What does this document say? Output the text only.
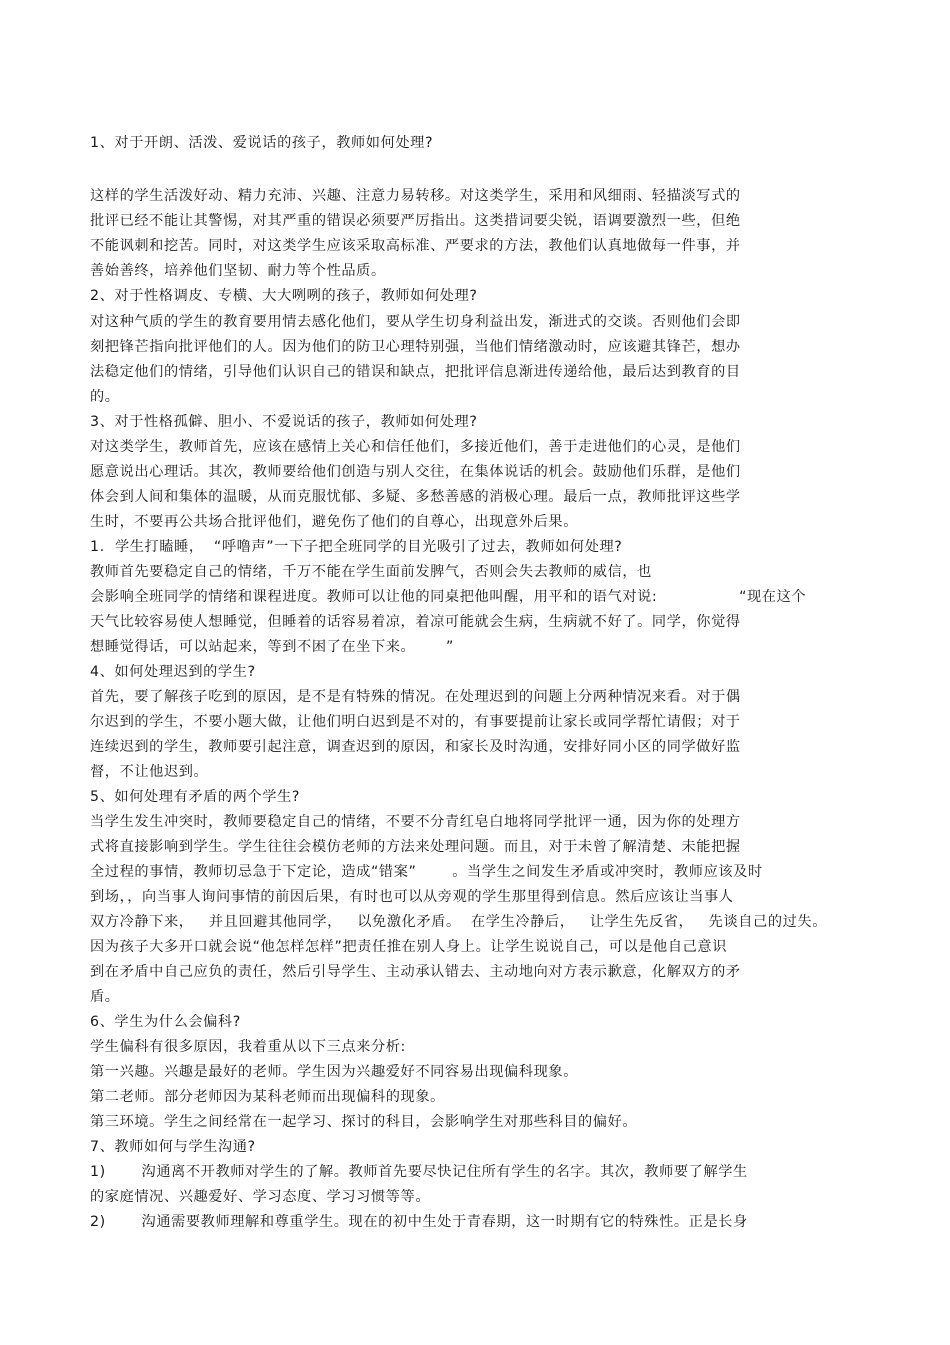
1、对于开朗、活泼、爱说话的孩子，教师如何处理?

这样的学生活泼好动、精力充沛、兴趣、注意力易转移。对这类学生，采用和风细雨、轻描淡写式的

批评已经不能让其警惕，对其严重的错误必须要严厉指出。这类措词要尖锐，语调要激烈一些，但绝

不能讽刺和挖苦。同时，对这类学生应该采取高标准、严要求的方法，教他们认真地做每一件事，并

善始善终，培养他们坚韧、耐力等个性品质。

2、对于性格调皮、专横、大大咧咧的孩子，教师如何处理?

对这种气质的学生的教育要用情去感化他们，要从学生切身利益出发，渐进式的交谈。否则他们会即

刻把锋芒指向批评他们的人。因为他们的防卫心理特别强，当他们情绪激动时，应该避其锋芒，想办

法稳定他们的情绪，引导他们认识自己的错误和缺点，把批评信息渐进传递给他，最后达到教育的目

的。

3、对于性格孤僻、胆小、不爱说话的孩子，教师如何处理?

对这类学生，教师首先，应该在感情上关心和信任他们，多接近他们，善于走进他们的心灵，是他们

愿意说出心理话。其次，教师要给他们创造与别人交往，在集体说话的机会。鼓励他们乐群，是他们

体会到人间和集体的温暖，从而克服忧郁、多疑、多愁善感的消极心理。最后一点，教师批评这些学

生时，不要再公共场合批评他们，避免伤了他们的自尊心，出现意外后果。

1.  学生打瞌睡，  “呼噜声”一下子把全班同学的目光吸引了过去，教师如何处理?

教师首先要稳定自己的情绪，千万不能在学生面前发脾气，否则会失去教师的威信，也

会影响全班同学的情绪和课程进度。教师可以让他的同桌把他叫醒，用平和的语气对说:                “现在这个

天气比较容易使人想睡觉，但睡着的话容易着凉，着凉可能就会生病，生病就不好了。同学，你觉得

想睡觉得话，可以站起来，等到不困了在坐下来。      ”

4、如何处理迟到的学生?

首先，要了解孩子吃到的原因，是不是有特殊的情况。在处理迟到的问题上分两种情况来看。对于偶

尔迟到的学生，不要小题大做，让他们明白迟到是不对的，有事要提前让家长或同学帮忙请假；对于

连续迟到的学生，教师要引起注意，调查迟到的原因，和家长及时沟通，安排好同小区的同学做好监

督，不让他迟到。

5、如何处理有矛盾的两个学生?

当学生发生冲突时，教师要稳定自己的情绪，不要不分青红皂白地将同学批评一通，因为你的处理方

式将直接影响到学生。学生往往会模仿老师的方法来处理问题。而且，对于未曾了解清楚、未能把握

全过程的事情，教师切忌急于下定论，造成“错案”       。当学生之间发生矛盾或冲突时，教师应该及时

到场，，向当事人询问事情的前因后果，有时也可以从旁观的学生那里得到信息。然后应该让当事人

双方冷静下来，   并且回避其他同学，   以免激化矛盾。  在学生冷静后，   让学生先反省，   先谈自己的过失。

因为孩子大多开口就会说“他怎样怎样”把责任推在别人身上。让学生说说自己，可以是他自己意识

到在矛盾中自己应负的责任，然后引导学生、主动承认错去、主动地向对方表示歉意，化解双方的矛

盾。

6、学生为什么会偏科?

学生偏科有很多原因，我着重从以下三点来分析:

第一兴趣。兴趣是最好的老师。学生因为兴趣爱好不同容易出现偏科现象。

第二老师。部分老师因为某科老师而出现偏科的现象。

第三环境。学生之间经常在一起学习、探讨的科目，会影响学生对那些科目的偏好。

7、教师如何与学生沟通?

1)       沟通离不开教师对学生的了解。教师首先要尽快记住所有学生的名字。其次，教师要了解学生

的家庭情况、兴趣爱好、学习态度、学习习惯等等。

2)       沟通需要教师理解和尊重学生。现在的初中生处于青春期，这一时期有它的特殊性。正是长身
